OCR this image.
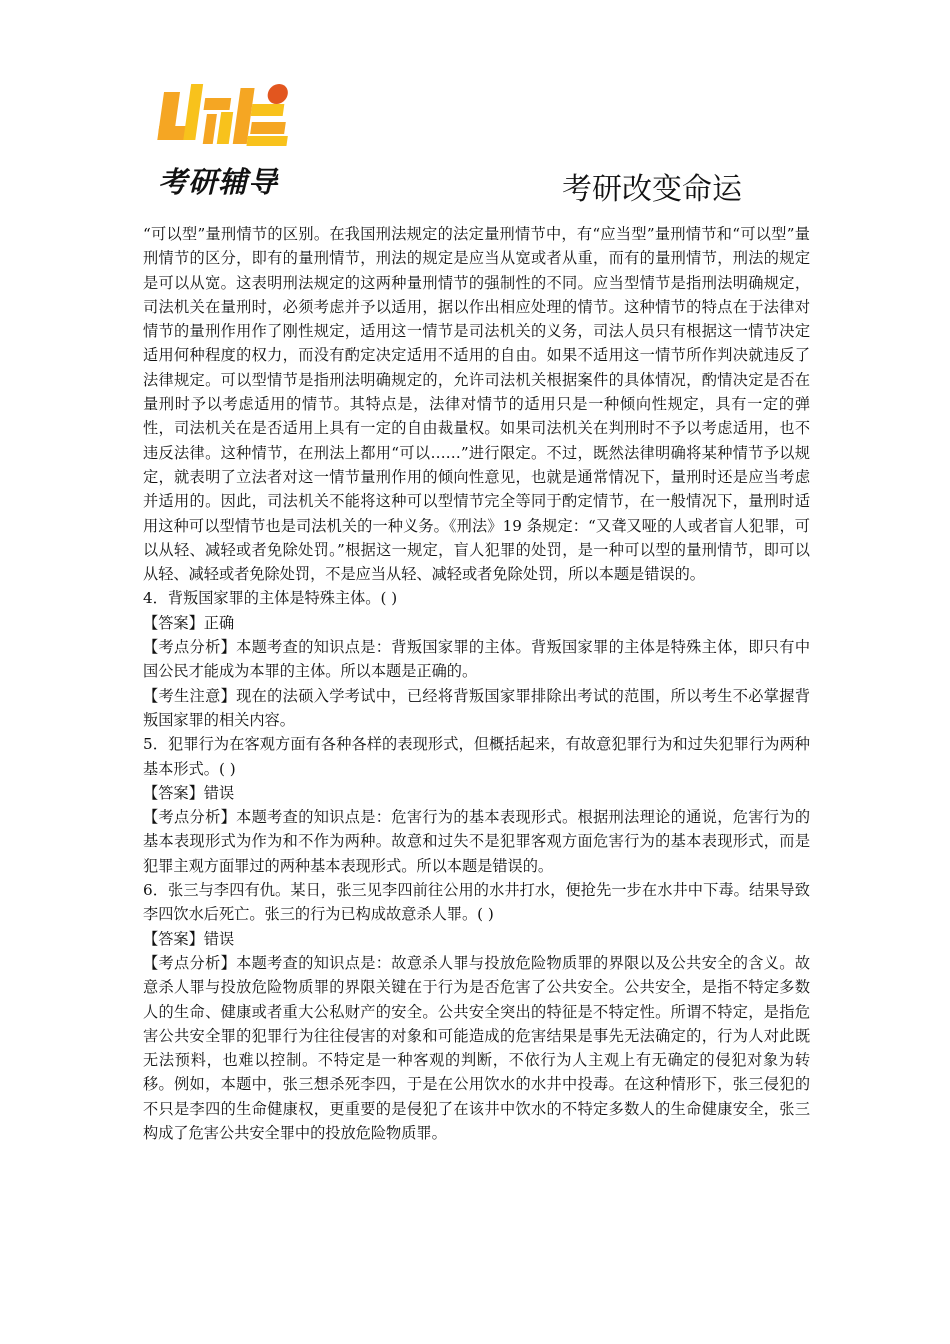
考研辅导	考研改变命运

“可以型”量刑情节的区别。在我国刑法规定的法定量刑情节中，有“应当型”量刑情节和“可以型”量刑情节的区分，即有的量刑情节，刑法的规定是应当从宽或者从重，而有的量刑情节，刑法的规定是可以从宽。这表明刑法规定的这两种量刑情节的强制性的不同。应当型情节是指刑法明确规定，司法机关在量刑时，必须考虑并予以适用，据以作出相应处理的情节。这种情节的特点在于法律对情节的量刑作用作了刚性规定，适用这一情节是司法机关的义务，司法人员只有根据这一情节决定适用何种程度的权力，而没有酌定决定适用不适用的自由。如果不适用这一情节所作判决就违反了法律规定。可以型情节是指刑法明确规定的，允许司法机关根据案件的具体情况，酌情决定是否在量刑时予以考虑适用的情节。其特点是，法律对情节的适用只是一种倾向性规定，具有一定的弹性，司法机关在是否适用上具有一定的自由裁量权。如果司法机关在判刑时不予以考虑适用，也不违反法律。这种情节，在刑法上都用“可以……”进行限定。不过，既然法律明确将某种情节予以规定，就表明了立法者对这一情节量刑作用的倾向性意见，也就是通常情况下，量刑时还是应当考虑并适用的。因此，司法机关不能将这种可以型情节完全等同于酌定情节，在一般情况下，量刑时适用这种可以型情节也是司法机关的一种义务。《刑法》19 条规定：“又聋又哑的人或者盲人犯罪，可以从轻、减轻或者免除处罚。”根据这一规定，盲人犯罪的处罚，是一种可以型的量刑情节，即可以从轻、减轻或者免除处罚，不是应当从轻、减轻或者免除处罚，所以本题是错误的。

4．背叛国家罪的主体是特殊主体。( )

【答案】正确

【考点分析】本题考查的知识点是：背叛国家罪的主体。背叛国家罪的主体是特殊主体，即只有中国公民才能成为本罪的主体。所以本题是正确的。

【考生注意】现在的法硕入学考试中，已经将背叛国家罪排除出考试的范围，所以考生不必掌握背叛国家罪的相关内容。

5．犯罪行为在客观方面有各种各样的表现形式，但概括起来，有故意犯罪行为和过失犯罪行为两种基本形式。( )

【答案】错误

【考点分析】本题考查的知识点是：危害行为的基本表现形式。根据刑法理论的通说，危害行为的基本表现形式为作为和不作为两种。故意和过失不是犯罪客观方面危害行为的基本表现形式，而是犯罪主观方面罪过的两种基本表现形式。所以本题是错误的。

6．张三与李四有仇。某日，张三见李四前往公用的水井打水，便抢先一步在水井中下毒。结果导致李四饮水后死亡。张三的行为已构成故意杀人罪。( )

【答案】错误

【考点分析】本题考查的知识点是：故意杀人罪与投放危险物质罪的界限以及公共安全的含义。故意杀人罪与投放危险物质罪的界限关键在于行为是否危害了公共安全。公共安全，是指不特定多数人的生命、健康或者重大公私财产的安全。公共安全突出的特征是不特定性。所谓不特定，是指危害公共安全罪的犯罪行为往往侵害的对象和可能造成的危害结果是事先无法确定的，行为人对此既无法预料，也难以控制。不特定是一种客观的判断，不依行为人主观上有无确定的侵犯对象为转移。例如，本题中，张三想杀死李四，于是在公用饮水的水井中投毒。在这种情形下，张三侵犯的不只是李四的生命健康权，更重要的是侵犯了在该井中饮水的不特定多数人的生命健康安全，张三构成了危害公共安全罪中的投放危险物质罪。
